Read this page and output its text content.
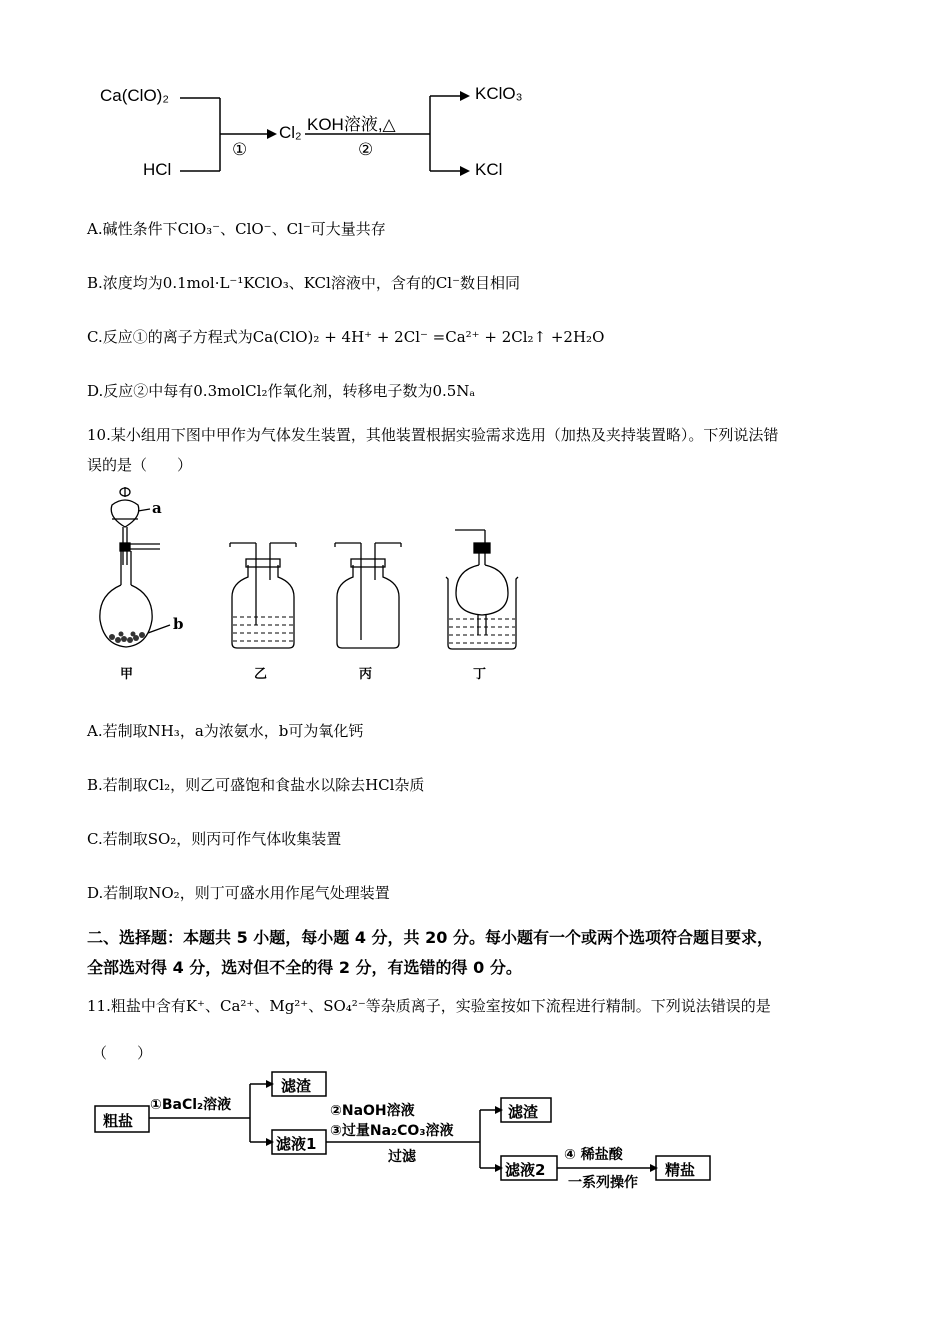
Ca(ClO)₂
HCl
①
Cl₂ KOH溶液,△
②
KClO₃
KCl
A.碱性条件下ClO₃⁻、ClO⁻、Cl⁻可大量共存
B.浓度均为0.1mol·L⁻¹KClO₃、KCl溶液中，含有的Cl⁻数目相同
C.反应①的离子方程式为Ca(ClO)₂ + 4H⁺ + 2Cl⁻ =Ca²⁺ + 2Cl₂↑ +2H₂O
D.反应②中每有0.3molCl₂作氧化剂，转移电子数为0.5Nₐ
10.某小组用下图中甲作为气体发生装置，其他装置根据实验需求选用（加热及夹持装置略）。下列说法错
误的是（　　）
a
b
甲	乙	丙	丁
A.若制取NH₃，a为浓氨水，b可为氧化钙
B.若制取Cl₂，则乙可盛饱和食盐水以除去HCl杂质
C.若制取SO₂，则丙可作气体收集装置
D.若制取NO₂，则丁可盛水用作尾气处理装置
二、选择题：本题共 5 小题，每小题 4 分，共 20 分。每小题有一个或两个选项符合题目要求，
全部选对得 4 分，选对但不全的得 2 分，有选错的得 0 分。
11.粗盐中含有K⁺、Ca²⁺、Mg²⁺、SO₄²⁻等杂质离子，实验室按如下流程进行精制。下列说法错误的是
（　　）
粗盐
①BaCl₂溶液
滤渣
滤液1
②NaOH溶液
③过量Na₂CO₃溶液
过滤
滤渣
滤液2
④ 稀盐酸
一系列操作
精盐
